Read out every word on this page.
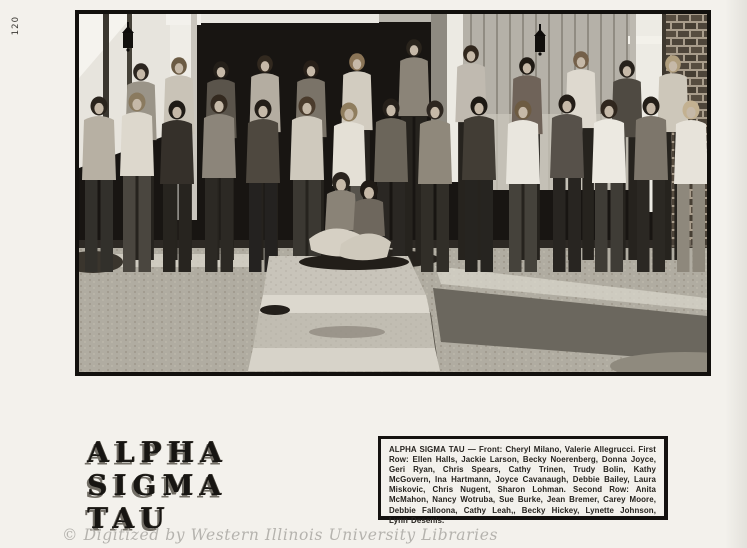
120
ALPHA
SIGMA
TAU

ALPHA SIGMA TAU — Front: Cheryl Milano, Valerie Allegrucci. First Row: Ellen Halls, Jackie Larson, Becky Noerenberg, Donna Joyce, Geri Ryan, Chris Spears, Cathy Trinen, Trudy Bolin, Kathy McGovern, Ina Hartmann, Joyce Cavanaugh, Debbie Bailey, Laura Miskovic, Chris Nugent, Sharon Lohman. Second Row: Anita McMahon, Nancy Wotruba, Sue Burke, Jean Bremer, Carey Moore, Debbie Falloona, Cathy Leah,, Becky Hickey, Lynette Johnson, Lynn Desenis.

© Digitized by Western Illinois University Libraries
